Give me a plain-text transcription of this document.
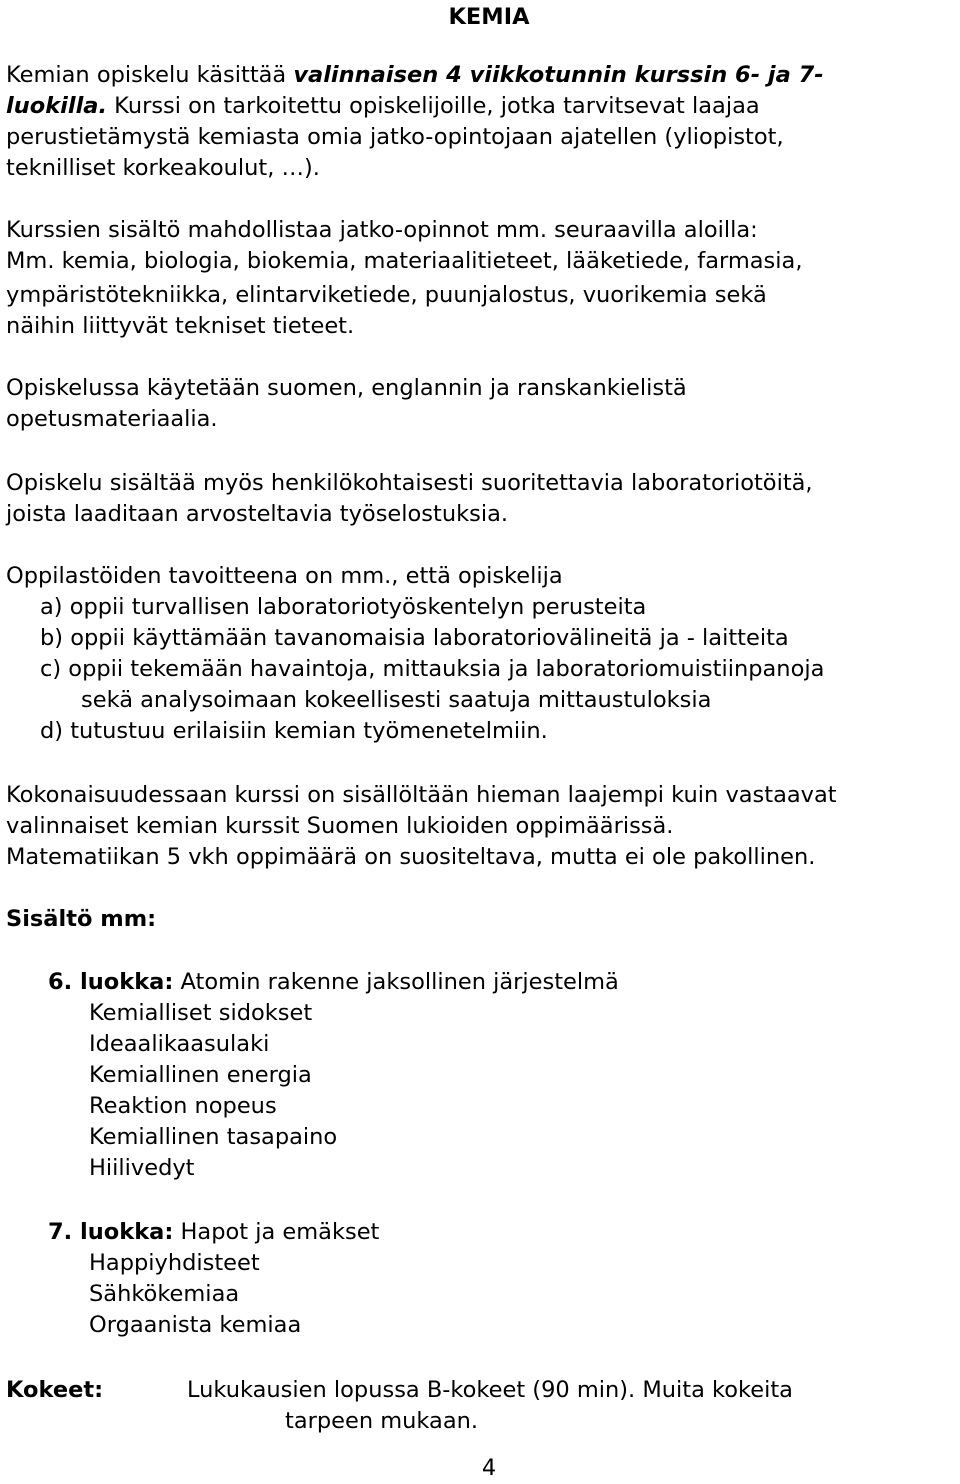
KEMIA
Kemian opiskelu käsittää valinnaisen 4 viikkotunnin kurssin 6- ja 7-
luokilla. Kurssi on tarkoitettu opiskelijoille, jotka tarvitsevat laajaa
perustietämystä kemiasta omia jatko-opintojaan ajatellen (yliopistot,
teknilliset korkeakoulut, …).
Kurssien sisältö mahdollistaa jatko-opinnot mm. seuraavilla aloilla:
Mm. kemia, biologia, biokemia, materiaalitieteet, lääketiede, farmasia,
ympäristötekniikka, elintarviketiede, puunjalostus, vuorikemia sekä
näihin liittyvät tekniset tieteet.
Opiskelussa käytetään suomen, englannin ja ranskankielistä
opetusmateriaalia.
Opiskelu sisältää myös henkilökohtaisesti suoritettavia laboratoriotöitä,
joista laaditaan arvosteltavia työselostuksia.
Oppilastöiden tavoitteena on mm., että opiskelija
a) oppii turvallisen laboratoriotyöskentelyn perusteita
b) oppii käyttämään tavanomaisia laboratoriovälineitä ja - laitteita
c) oppii tekemään havaintoja, mittauksia ja laboratoriomuistiinpanoja
sekä analysoimaan kokeellisesti saatuja mittaustuloksia
d) tutustuu erilaisiin kemian työmenetelmiin.
Kokonaisuudessaan kurssi on sisällöltään hieman laajempi kuin vastaavat
valinnaiset kemian kurssit Suomen lukioiden oppimäärissä.
Matematiikan 5 vkh oppimäärä on suositeltava, mutta ei ole pakollinen.
Sisältö mm:
6. luokka: Atomin rakenne jaksollinen järjestelmä
Kemialliset sidokset
Ideaalikaasulaki
Kemiallinen energia
Reaktion nopeus
Kemiallinen tasapaino
Hiilivedyt
7. luokka: Hapot ja emäkset
Happiyhdisteet
Sähkökemiaa
Orgaanista kemiaa
Kokeet:	Lukukausien lopussa B-kokeet (90 min). Muita kokeita
tarpeen mukaan.
4
